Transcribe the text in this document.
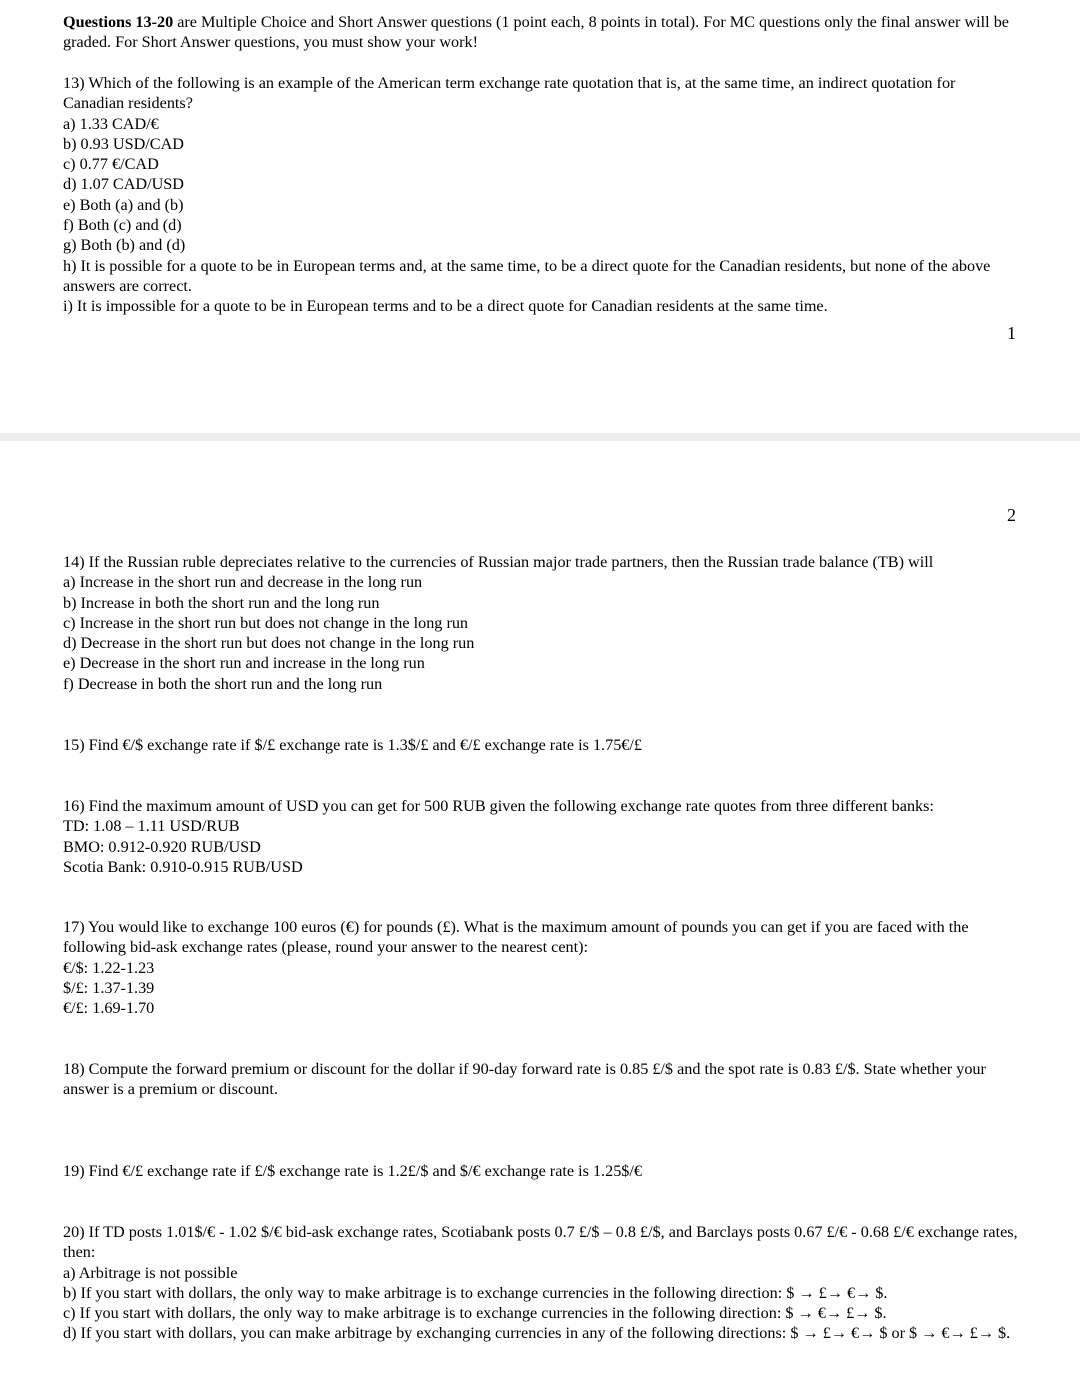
Questions 13-20 are Multiple Choice and Short Answer questions (1 point each, 8 points in total). For MC questions only the final answer will be graded. For Short Answer questions, you must show your work!

13) Which of the following is an example of the American term exchange rate quotation that is, at the same time, an indirect quotation for Canadian residents?

a) 1.33 CAD/€

b) 0.93 USD/CAD

c) 0.77 €/CAD

d) 1.07 CAD/USD

e) Both (a) and (b)

f) Both (c) and (d)

g) Both (b) and (d)

h) It is possible for a quote to be in European terms and, at the same time, to be a direct quote for the Canadian residents, but none of the above answers are correct.

i) It is impossible for a quote to be in European terms and to be a direct quote for Canadian residents at the same time.

1
2

14) If the Russian ruble depreciates relative to the currencies of Russian major trade partners, then the Russian trade balance (TB) will

a) Increase in the short run and decrease in the long run

b) Increase in both the short run and the long run

c) Increase in the short run but does not change in the long run

d) Decrease in the short run but does not change in the long run

e) Decrease in the short run and increase in the long run

f) Decrease in both the short run and the long run

15) Find €/$ exchange rate if $/£ exchange rate is 1.3$/£ and €/£ exchange rate is 1.75€/£

16) Find the maximum amount of USD you can get for 500 RUB given the following exchange rate quotes from three different banks:

TD: 1.08 – 1.11 USD/RUB

BMO: 0.912-0.920 RUB/USD

Scotia Bank: 0.910-0.915 RUB/USD

17) You would like to exchange 100 euros (€) for pounds (£). What is the maximum amount of pounds you can get if you are faced with the following bid-ask exchange rates (please, round your answer to the nearest cent):

€/$: 1.22-1.23

$/£: 1.37-1.39

€/£: 1.69-1.70

18) Compute the forward premium or discount for the dollar if 90-day forward rate is 0.85 £/$ and the spot rate is 0.83 £/$. State whether your answer is a premium or discount.

19) Find €/£ exchange rate if £/$ exchange rate is 1.2£/$ and $/€ exchange rate is 1.25$/€

20) If TD posts 1.01$/€ - 1.02 $/€ bid-ask exchange rates, Scotiabank posts 0.7 £/$ – 0.8 £/$, and Barclays posts 0.67 £/€ - 0.68 £/€ exchange rates, then:

a) Arbitrage is not possible

b) If you start with dollars, the only way to make arbitrage is to exchange currencies in the following direction: $ → £→ €→ $.

c) If you start with dollars, the only way to make arbitrage is to exchange currencies in the following direction: $ → €→ £→ $.

d) If you start with dollars, you can make arbitrage by exchanging currencies in any of the following directions: $ → £→ €→ $ or $ → €→ £→ $.
